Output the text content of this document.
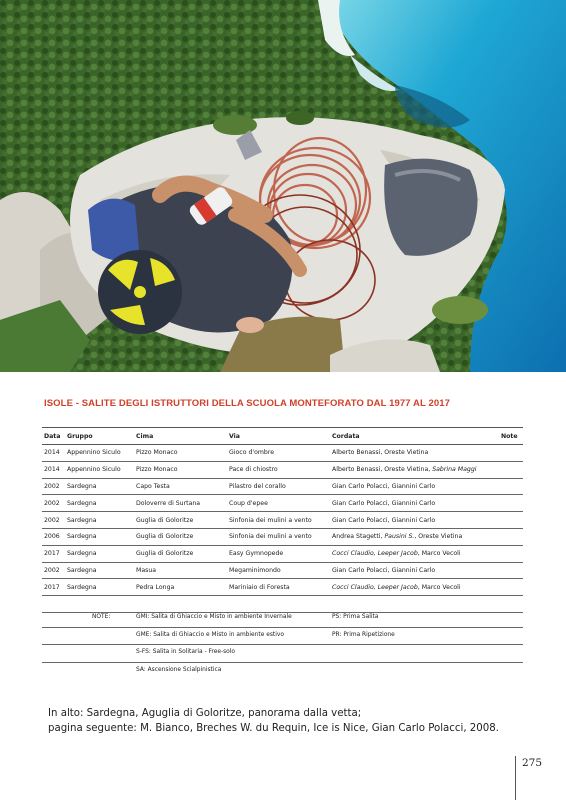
ISOLE - SALITE DEGLI ISTRUTTORI DELLA SCUOLA MONTEFORATO DAL 1977 AL 2017
Data	Gruppo	Cima	Via	Cordata	Note
2014	Appennino Siculo	Pizzo Monaco	Gioco d'ombre	Alberto Benassi, Oreste Vietina	
2014	Appennino Siculo	Pizzo Monaco	Pace di chiostro	Alberto Benassi, Oreste Vietina, Sabrina Maggi	
2002	Sardegna	Capo Testa	Pilastro del corallo	Gian Carlo Polacci, Giannini Carlo	
2002	Sardegna	Doloverre di Surtana	Coup d'epee	Gian Carlo Polacci, Giannini Carlo	
2002	Sardegna	Guglia di Goloritze	Sinfonia dei mulini a vento	Gian Carlo Polacci, Giannini Carlo	
2006	Sardegna	Guglia di Goloritze	Sinfonia dei mulini a vento	Andrea Stagetti, Pausini S., Oreste Vietina	
2017	Sardegna	Guglia di Goloritze	Easy Gymnopede	Cocci Claudio, Leeper Jacob, Marco Vecoli	
2002	Sardegna	Masua	Megaminimondo	Gian Carlo Polacci, Giannini Carlo	
2017	Sardegna	Pedra Longa	Mariniaio di Foresta	Cocci Claudio, Leeper Jacob, Marco Vecoli	

NOTE:	GMI: Salita di Ghiaccio e Misto in ambiente Invernale	PS: Prima Salita
GME: Salita di Ghiaccio e Misto in ambiente estivo	PR: Prima Ripetizione
S-FS: Salita in Solitaria - Free-solo
SA: Ascensione Scialpinistica
In alto: Sardegna, Aguglia di Goloritze, panorama dalla vetta;
pagina seguente: M. Bianco, Breches W. du Requin, Ice is Nice, Gian Carlo Polacci, 2008.
275
